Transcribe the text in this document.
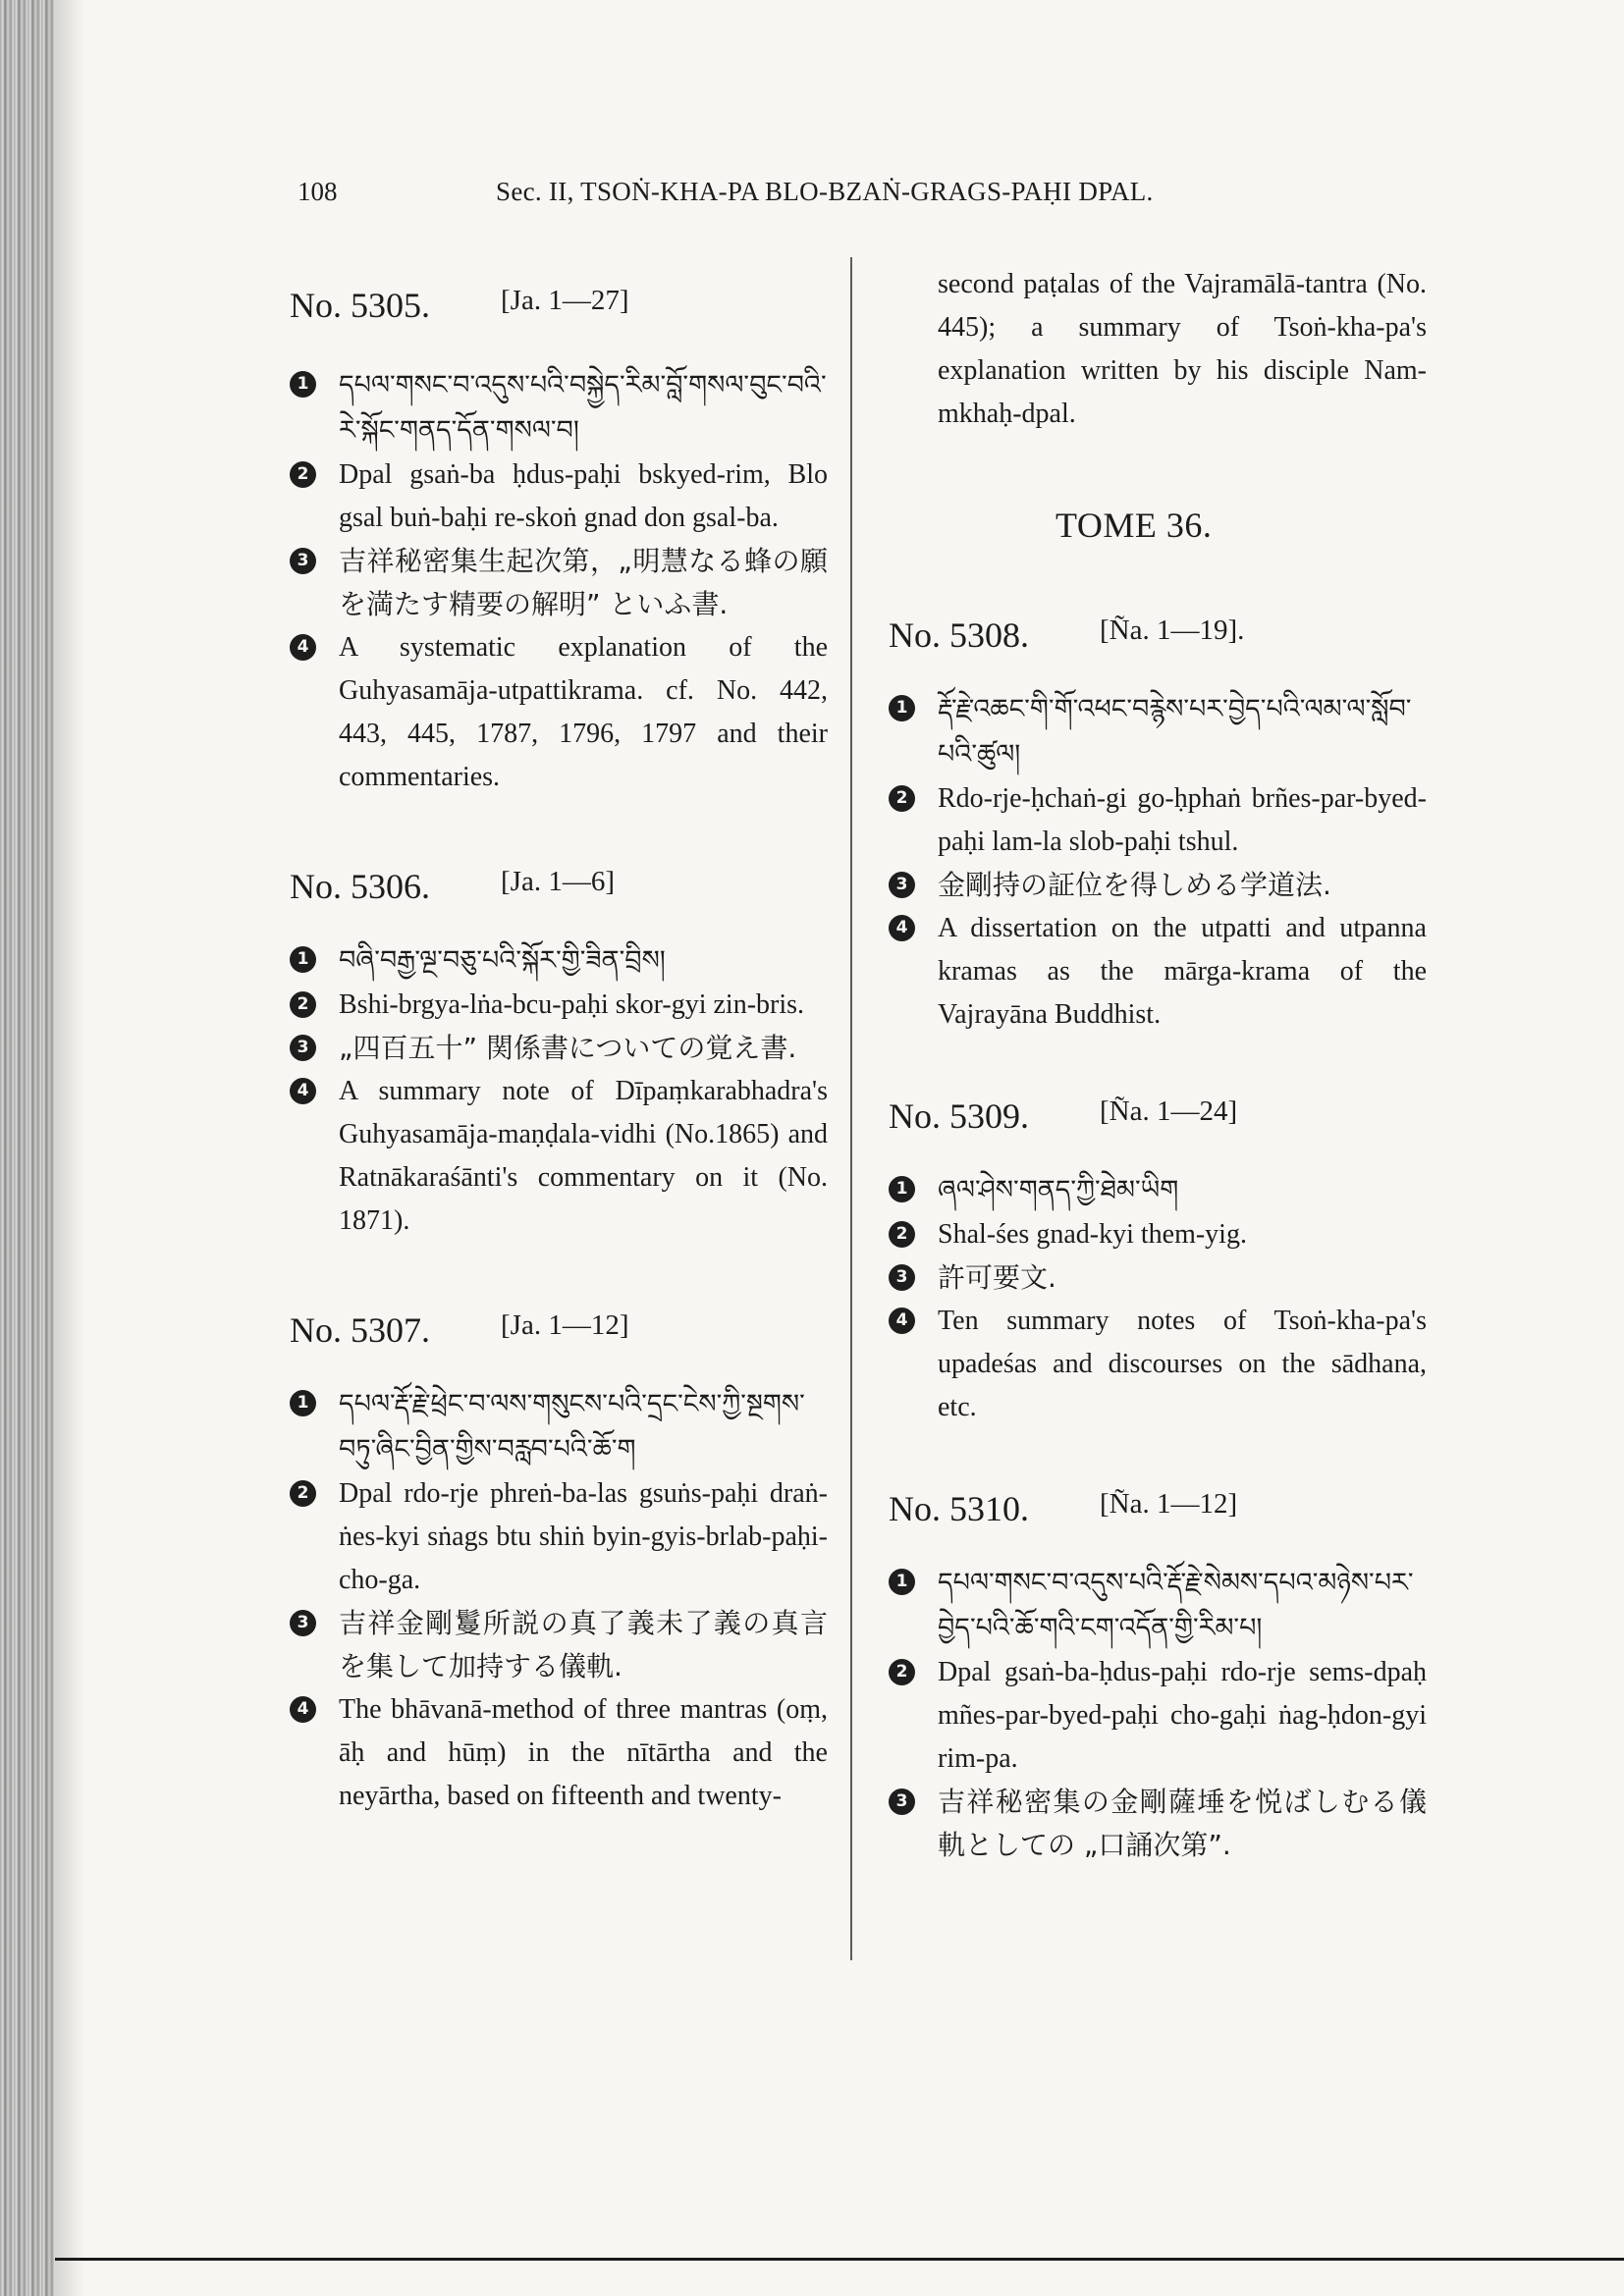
108	Sec. II, TSOṄ-KHA-PA BLO-BZAṄ-GRAGS-PAḤI DPAL.
No. 5305. [Ja. 1—27]
1 དཔལ་གསང་བ་འདུས་པའི་བསྐྱེད་རིམ་བློ་གསལ་བུང་བའི་རེ་སྐོང་གནད་དོན་གསལ་བ།
2 Dpal gsaṅ-ba ḥdus-paḥi bskyed-rim, Blo gsal buṅ-baḥi re-skoṅ gnad don gsal-ba.
3 吉祥秘密集生起次第，„明慧なる蜂の願を満たす精要の解明” といふ書.
4 A systematic explanation of the Guhyasamāja-utpattikrama. cf. No. 442, 443, 445, 1787, 1796, 1797 and their commentaries.
No. 5306. [Ja. 1—6]
1 བཞི་བརྒྱ་ལྔ་བཅུ་པའི་སྐོར་གྱི་ཟིན་བྲིས།
2 Bshi-brgya-lṅa-bcu-paḥi skor-gyi zin-bris.
3 „四百五十” 関係書についての覚え書.
4 A summary note of Dīpaṃkarabhadra's Guhyasamāja-maṇḍala-vidhi (No.1865) and Ratnākaraśānti's commentary on it (No. 1871).
No. 5307. [Ja. 1—12]
1 དཔལ་རྡོ་རྗེ་ཕྲེང་བ་ལས་གསུངས་པའི་དྲང་ངེས་ཀྱི་སྔགས་བཏུ་ཞིང་བྱིན་གྱིས་བརླབ་པའི་ཆོ་ག
2 Dpal rdo-rje phreṅ-ba-las gsuṅs-paḥi draṅ-ṅes-kyi sṅags btu shiṅ byin-gyis-brlab-paḥi-cho-ga.
3 吉祥金剛鬘所説の真了義未了義の真言を集して加持する儀軌.
4 The bhāvanā-method of three mantras (oṃ, āḥ and hūṃ) in the nītārtha and the neyārtha, based on fifteenth and twenty-
second paṭalas of the Vajramālā-tantra (No. 445); a summary of Tsoṅ-kha-pa's explanation written by his disciple Nam-mkhaḥ-dpal.
TOME 36.
No. 5308. [Ña. 1—19].
1 རྡོ་རྗེ་འཆང་གི་གོ་འཕང་བརྙེས་པར་བྱེད་པའི་ལམ་ལ་སློབ་པའི་ཚུལ།
2 Rdo-rje-ḥchaṅ-gi go-ḥphaṅ brñes-par-byed-paḥi lam-la slob-paḥi tshul.
3 金剛持の証位を得しめる学道法.
4 A dissertation on the utpatti and utpanna kramas as the mārga-krama of the Vajrayāna Buddhist.
No. 5309. [Ña. 1—24]
1 ཞལ་ཤེས་གནད་ཀྱི་ཐེམ་ཡིག
2 Shal-śes gnad-kyi them-yig.
3 許可要文.
4 Ten summary notes of Tsoṅ-kha-pa's upadeśas and discourses on the sādhana, etc.
No. 5310. [Ña. 1—12]
1 དཔལ་གསང་བ་འདུས་པའི་རྡོ་རྗེ་སེམས་དཔའ་མཉེས་པར་བྱེད་པའི་ཆོ་གའི་ངག་འདོན་གྱི་རིམ་པ།
2 Dpal gsaṅ-ba-ḥdus-paḥi rdo-rje sems-dpaḥ mñes-par-byed-paḥi cho-gaḥi ṅag-ḥdon-gyi rim-pa.
3 吉祥秘密集の金剛薩埵を悦ばしむる儀軌としての „口誦次第”.
